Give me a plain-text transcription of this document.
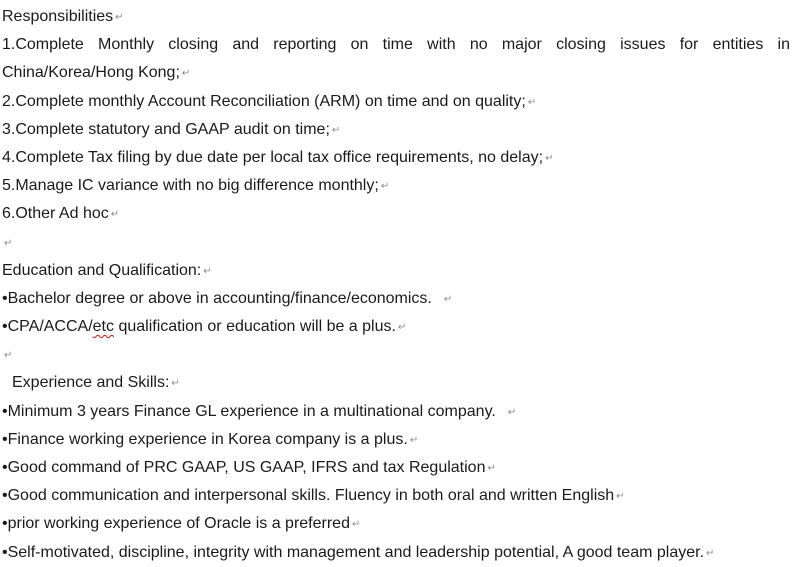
Responsibilities ↵
1.Complete Monthly closing and reporting on time with no major closing issues for entities in
China/Korea/Hong Kong; ↵
2.Complete monthly Account Reconciliation (ARM) on time and on quality; ↵
3.Complete statutory and GAAP audit on time; ↵
4.Complete Tax filing by due date per local tax office requirements, no delay; ↵
5.Manage IC variance with no big difference monthly; ↵
6.Other Ad hoc ↵
↵
Education and Qualification: ↵
•Bachelor degree or above in accounting/finance/economics. ↵
•CPA/ACCA/etc qualification or education will be a plus. ↵
↵
Experience and Skills: ↵
•Minimum 3 years Finance GL experience in a multinational company. ↵
•Finance working experience in Korea company is a plus. ↵
•Good command of PRC GAAP, US GAAP, IFRS and tax Regulation ↵
•Good communication and interpersonal skills. Fluency in both oral and written English ↵
•prior working experience of Oracle is a preferred ↵
•Self-motivated, discipline, integrity with management and leadership potential, A good team player. ↵
